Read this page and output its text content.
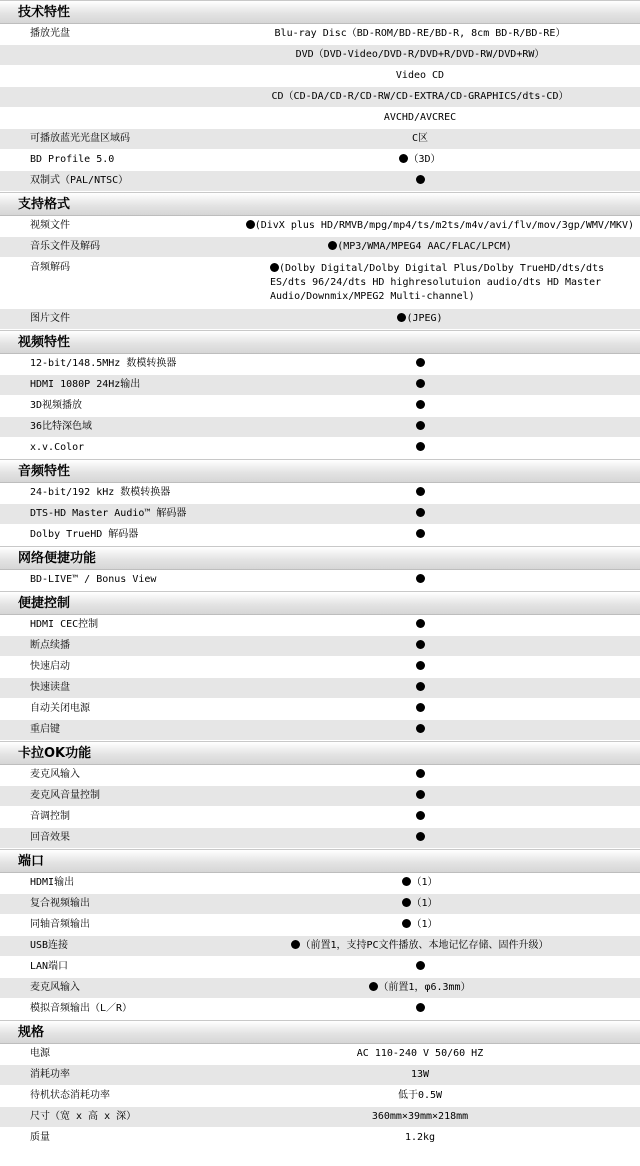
技术特性
播放光盘	Blu-ray Disc（BD-ROM/BD-RE/BD-R, 8cm BD-R/BD-RE）
DVD（DVD-Video/DVD-R/DVD+R/DVD-RW/DVD+RW）
Video CD
CD（CD-DA/CD-R/CD-RW/CD-EXTRA/CD-GRAPHICS/dts-CD）
AVCHD/AVCREC
可播放蓝光光盘区域码	C区
BD Profile 5.0	（3D）
双制式（PAL/NTSC）
支持格式
视频文件	(DivX plus HD/RMVB/mpg/mp4/ts/m2ts/m4v/avi/flv/mov/3gp/WMV/MKV)
音乐文件及解码	(MP3/WMA/MPEG4 AAC/FLAC/LPCM)
音频解码	(Dolby Digital/Dolby Digital Plus/Dolby TrueHD/dts/dts ES/dts 96/24/dts HD highresolutuion audio/dts HD Master Audio/Downmix/MPEG2 Multi-channel)
图片文件	(JPEG)
视频特性
12-bit/148.5MHz 数模转换器
HDMI 1080P 24Hz输出
3D视频播放
36比特深色域
x.v.Color
音频特性
24-bit/192 kHz 数模转换器
DTS-HD Master Audio™ 解码器
Dolby TrueHD 解码器
网络便捷功能
BD-LIVE™ / Bonus View
便捷控制
HDMI CEC控制
断点续播
快速启动
快速读盘
自动关闭电源
重启键
卡拉OK功能
麦克风输入
麦克风音量控制
音调控制
回音效果
端口
HDMI输出	（1）
复合视频输出	（1）
同轴音频输出	（1）
USB连接	（前置1，支持PC文件播放、本地记忆存储、固件升级）
LAN端口
麦克风输入	（前置1，φ6.3mm）
模拟音频输出（L／R）
规格
电源	AC 110-240 V 50/60 HZ
消耗功率	13W
待机状态消耗功率	低于0.5W
尺寸（宽 x 高 x 深）	360mm×39mm×218mm
质量	1.2kg
